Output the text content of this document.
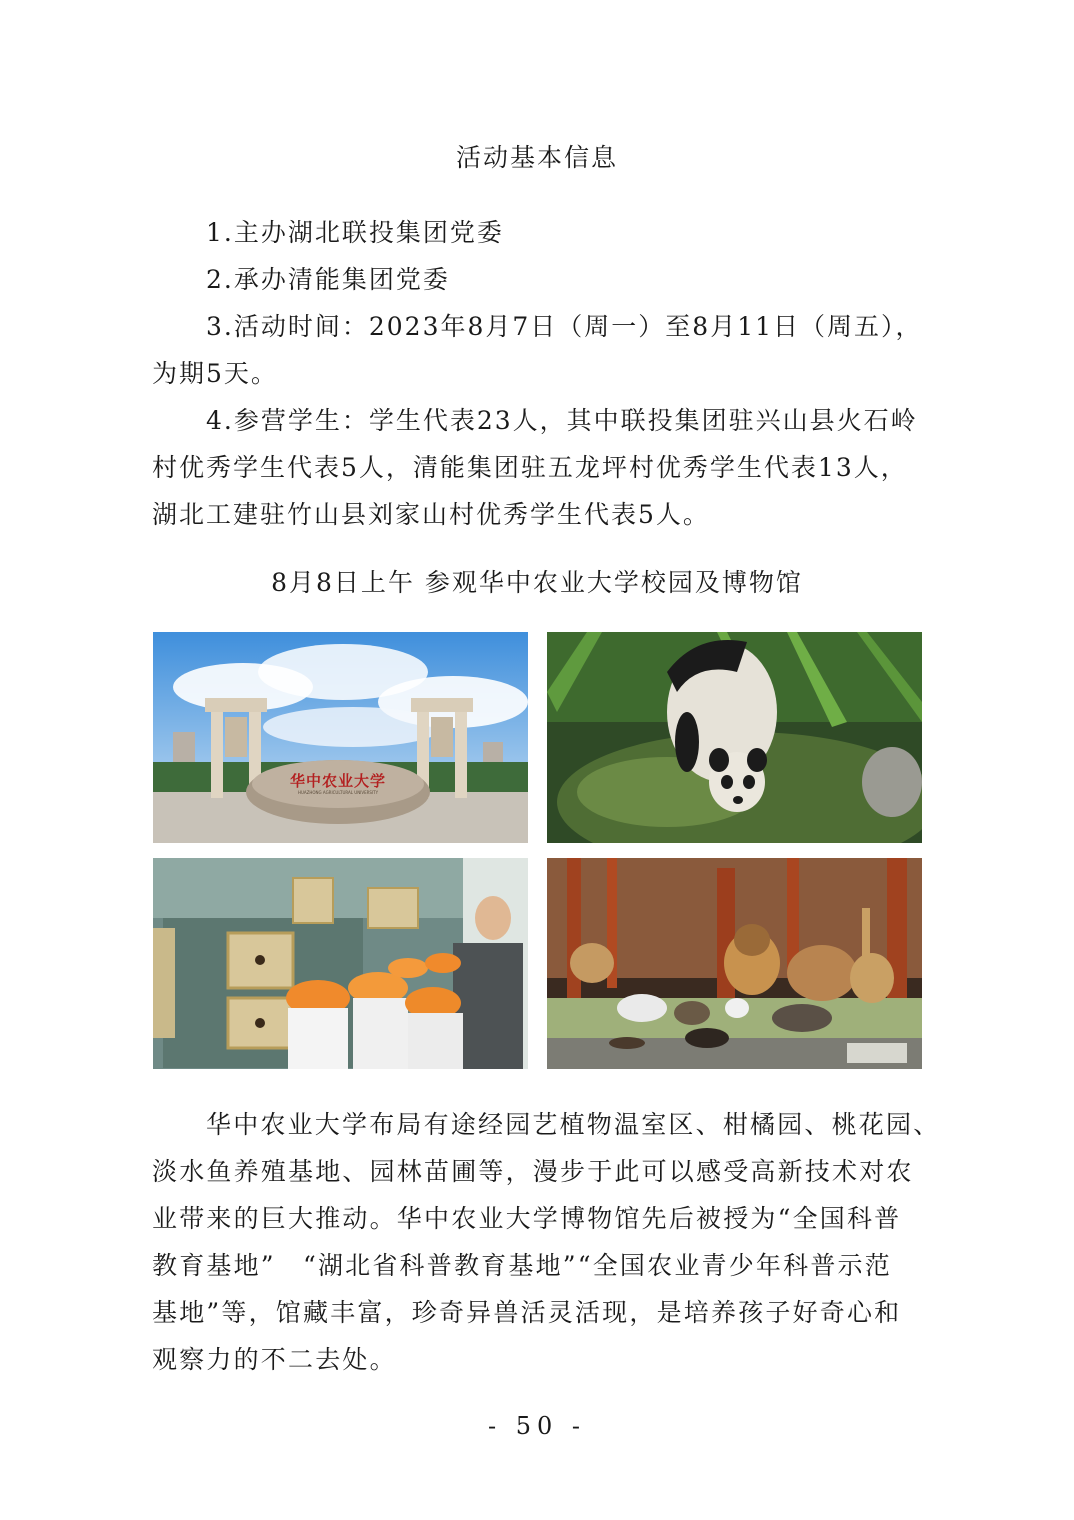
活动基本信息
1.主办湖北联投集团党委
2.承办清能集团党委
3.活动时间：2023年8月7日（周一）至8月11日（周五），
为期5天。
4.参营学生：学生代表23人，其中联投集团驻兴山县火石岭
村优秀学生代表5人，清能集团驻五龙坪村优秀学生代表13人，
湖北工建驻竹山县刘家山村优秀学生代表5人。
8月8日上午 参观华中农业大学校园及博物馆
华中农业大学
HUAZHONG AGRICULTURAL UNIVERSITY
华中农业大学布局有途经园艺植物温室区、柑橘园、桃花园、
淡水鱼养殖基地、园林苗圃等，漫步于此可以感受高新技术对农
业带来的巨大推动。华中农业大学博物馆先后被授为“全国科普
教育基地”　“湖北省科普教育基地”“全国农业青少年科普示范
基地”等，馆藏丰富，珍奇异兽活灵活现，是培养孩子好奇心和
观察力的不二去处。
- 50 -
